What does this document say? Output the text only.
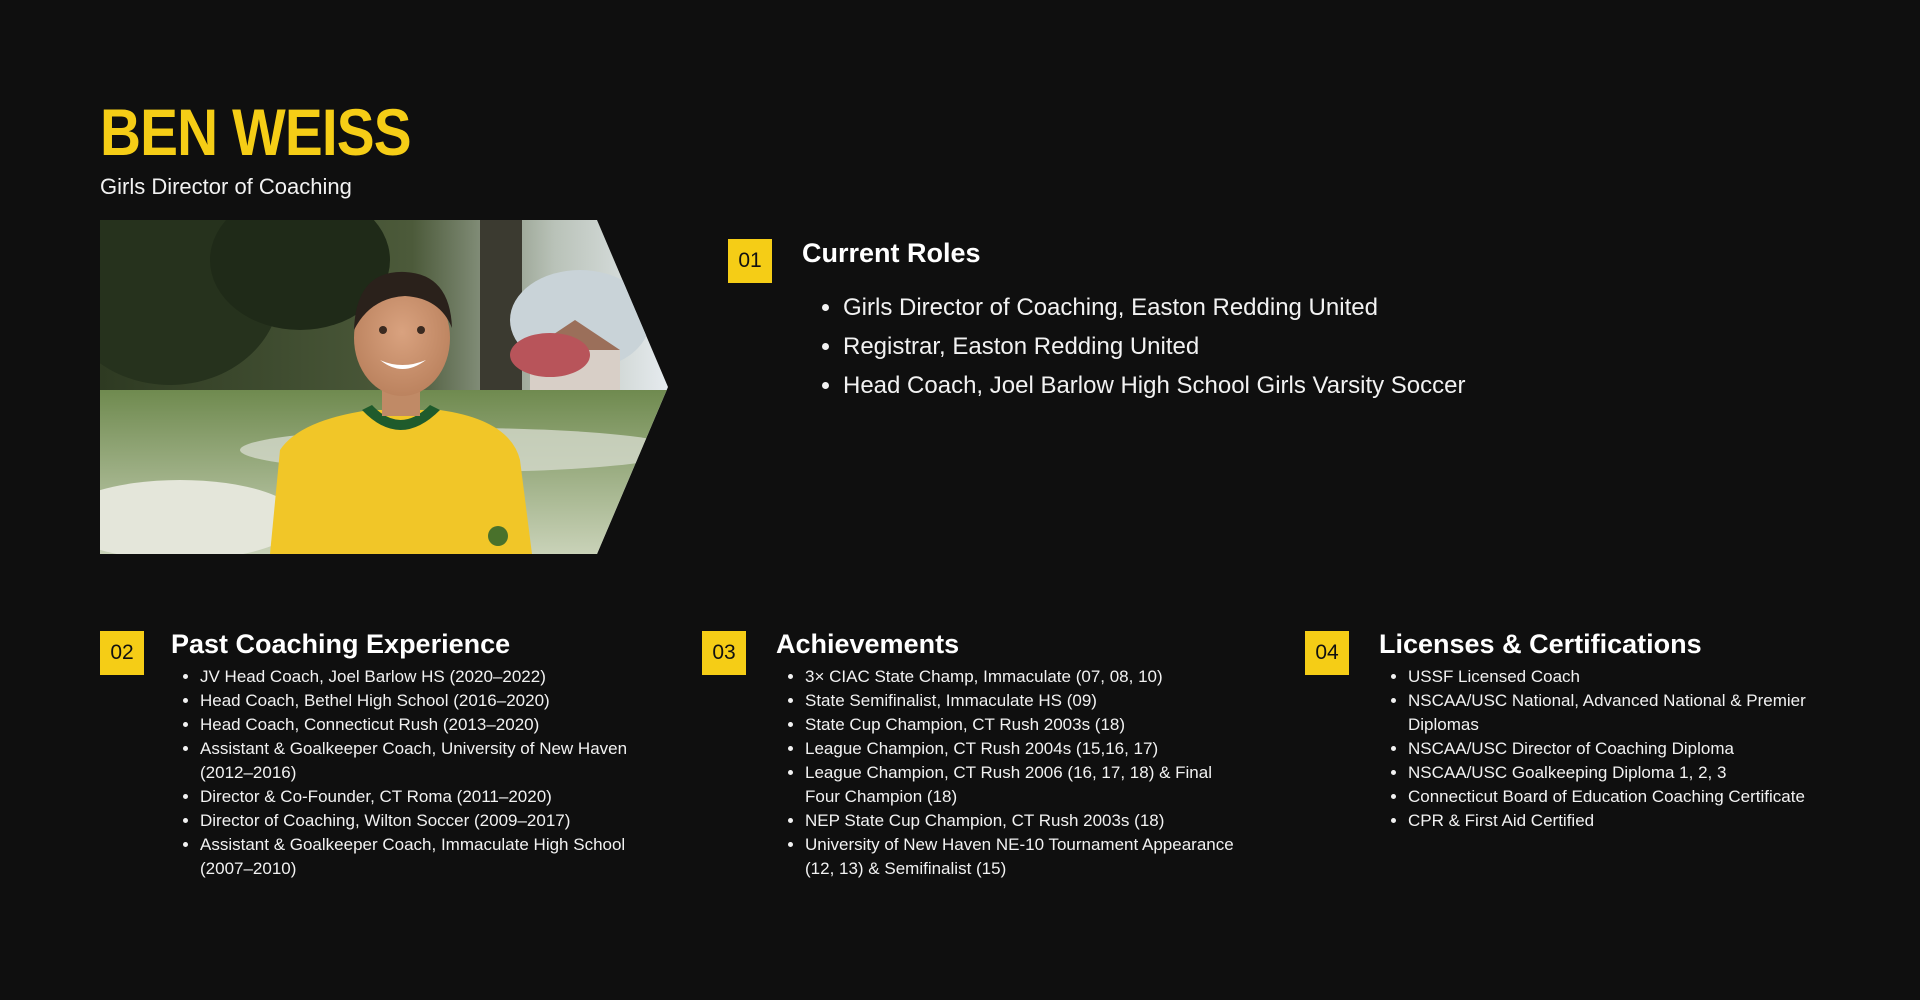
BEN WEISS
Girls Director of Coaching
01	Current Roles
• Girls Director of Coaching, Easton Redding United
• Registrar, Easton Redding United
• Head Coach, Joel Barlow High School Girls Varsity Soccer
02	Past Coaching Experience
• JV Head Coach, Joel Barlow HS (2020–2022)
• Head Coach, Bethel High School (2016–2020)
• Head Coach, Connecticut Rush (2013–2020)
• Assistant & Goalkeeper Coach, University of New Haven (2012–2016)
• Director & Co-Founder, CT Roma (2011–2020)
• Director of Coaching, Wilton Soccer (2009–2017)
• Assistant & Goalkeeper Coach, Immaculate High School (2007–2010)
03	Achievements
• 3× CIAC State Champ, Immaculate (07, 08, 10)
• State Semifinalist, Immaculate HS (09)
• State Cup Champion, CT Rush 2003s (18)
• League Champion, CT Rush 2004s (15,16, 17)
• League Champion, CT Rush 2006 (16, 17, 18) & Final Four Champion (18)
• NEP State Cup Champion, CT Rush 2003s (18)
• University of New Haven NE-10 Tournament Appearance (12, 13) & Semifinalist (15)
04	Licenses & Certifications
• USSF Licensed Coach
• NSCAA/USC National, Advanced National & Premier Diplomas
• NSCAA/USC Director of Coaching Diploma
• NSCAA/USC Goalkeeping Diploma 1, 2, 3
• Connecticut Board of Education Coaching Certificate
• CPR & First Aid Certified
